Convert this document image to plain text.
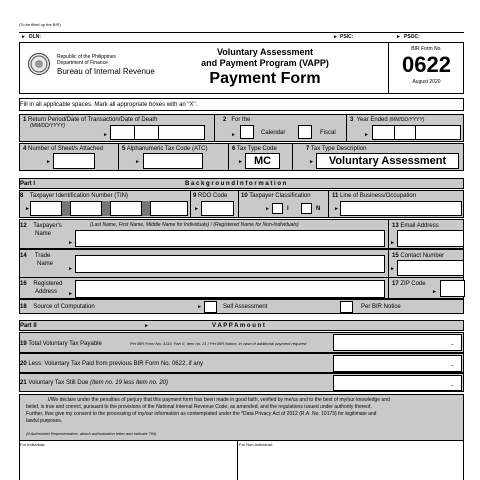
(To be filled up the BIR)
► DLN:	► PSIC:	► PSOC:
Republic of the Philippines
Department of Finance
Bureau of Internal Revenue
Voluntary Assessment
and Payment Program (VAPP)
Payment Form
BIR Form No.
0622
August 2020
Fill in all applicable spaces. Mark all appropriate boxes with an "X".
1 Return Period/Date of Transaction/Date of Death
(MM/DD/YYYY)
►
2 For the
►	Calendar	Fiscal
3 Year Ended (MM/DD/YYYY)
►
4 Number of Sheet/s Attached
►
5 Alphanumeric Tax Code (ATC)
►
6 Tax Type Code
► MC
7 Tax Type Description
►	Voluntary Assessment
Part I	B a c k g r o u n d I n f o r m a t i o n
8 Taxpayer Identification Number (TIN)
►
9 RDO Code
►
10 Taxpayer Classification
►	I	N
11 Line of Business/Occupation
►
12 Taxpayer's
Name
(Last Name, First Name, Middle Name for Individuals) / (Registered Name for Non-Individuals)
►
13 Email Address
►
14 Trade
Name
►
15 Contact Number
►
16 Registered
Address ►
17 ZIP Code
►
18 Source of Computation	►	Self Assessment	Per BIR Notice
Part II	►	V A P P A m o u n t
19 Total Voluntary Tax Payable	Per BIR Form No. 3119, Part II, Item no. 21 / Per BIR Notice, in case of additional payment required	.
20 Less: Voluntary Tax Paid from previous BIR Form No. 0622, if any	.
21 Voluntary Tax Still Due (Item no. 19 less Item no. 20)	.
I/We declare under the penalties of perjury that this payment form has been made in good faith, verified by me/us and to the best of my/our knowledge and
belief, is true and correct, pursuant to the provisions of the National Internal Revenue Code, as amended, and the regulations issued under authority thereof.
Further, I/we give my consent to the processing of my/our information as contemplated under the *Data Privacy Act of 2012 (R.A. No. 10173) for legitimate and
lawful purposes.
(If Authorized Representative, attach authorization letter and indicate TIN)
For Individual:	For Non-Individual:
